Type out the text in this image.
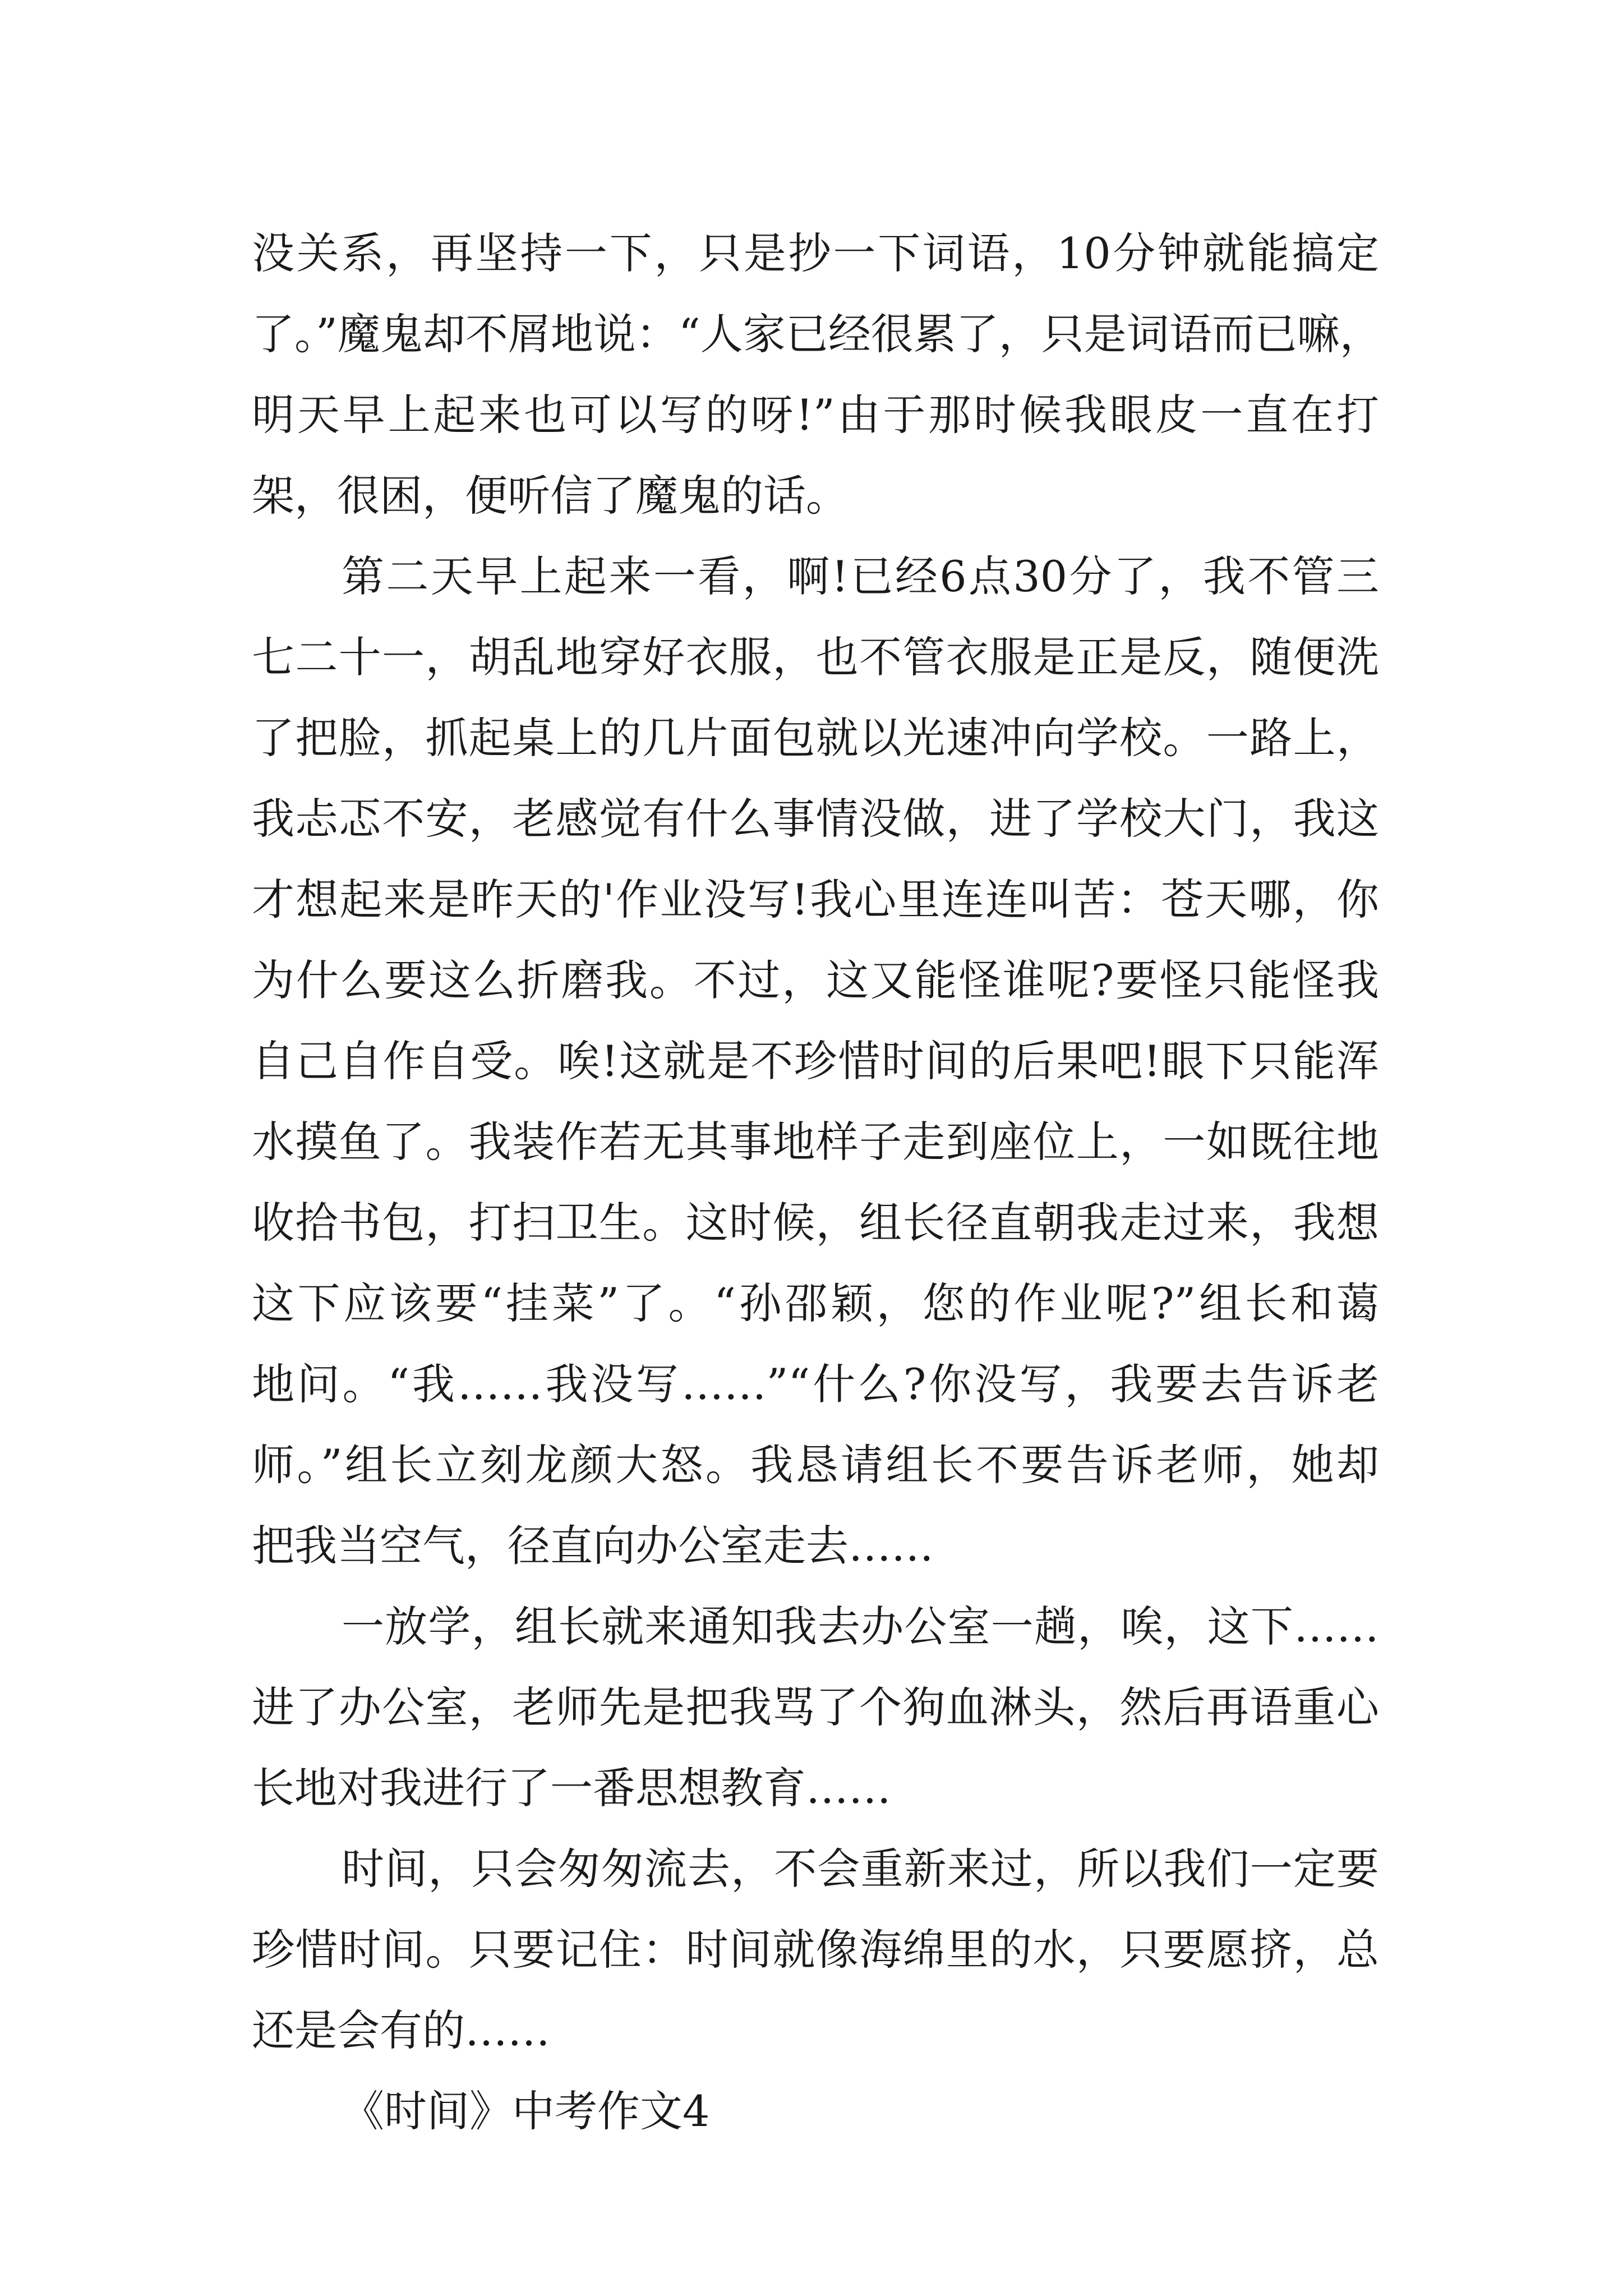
没关系，再坚持一下，只是抄一下词语，10分钟就能搞定
了。”魔鬼却不屑地说：“人家已经很累了，只是词语而已嘛，
明天早上起来也可以写的呀!”由于那时候我眼皮一直在打
架，很困，便听信了魔鬼的话。
第二天早上起来一看，啊!已经6点30分了，我不管三
七二十一，胡乱地穿好衣服，也不管衣服是正是反，随便洗
了把脸，抓起桌上的几片面包就以光速冲向学校。一路上，
我忐忑不安，老感觉有什么事情没做，进了学校大门，我这
才想起来是昨天的'作业没写!我心里连连叫苦：苍天哪，你
为什么要这么折磨我。不过，这又能怪谁呢?要怪只能怪我
自己自作自受。唉!这就是不珍惜时间的后果吧!眼下只能浑
水摸鱼了。我装作若无其事地样子走到座位上，一如既往地
收拾书包，打扫卫生。这时候，组长径直朝我走过来，我想
这下应该要“挂菜”了。“孙邵颖，您的作业呢?”组长和蔼
地问。“我……我没写……”“什么?你没写，我要去告诉老
师。”组长立刻龙颜大怒。我恳请组长不要告诉老师，她却
把我当空气，径直向办公室走去……
一放学，组长就来通知我去办公室一趟，唉，这下……
进了办公室，老师先是把我骂了个狗血淋头，然后再语重心
长地对我进行了一番思想教育……
时间，只会匆匆流去，不会重新来过，所以我们一定要
珍惜时间。只要记住：时间就像海绵里的水，只要愿挤，总
还是会有的……
《时间》中考作文4
